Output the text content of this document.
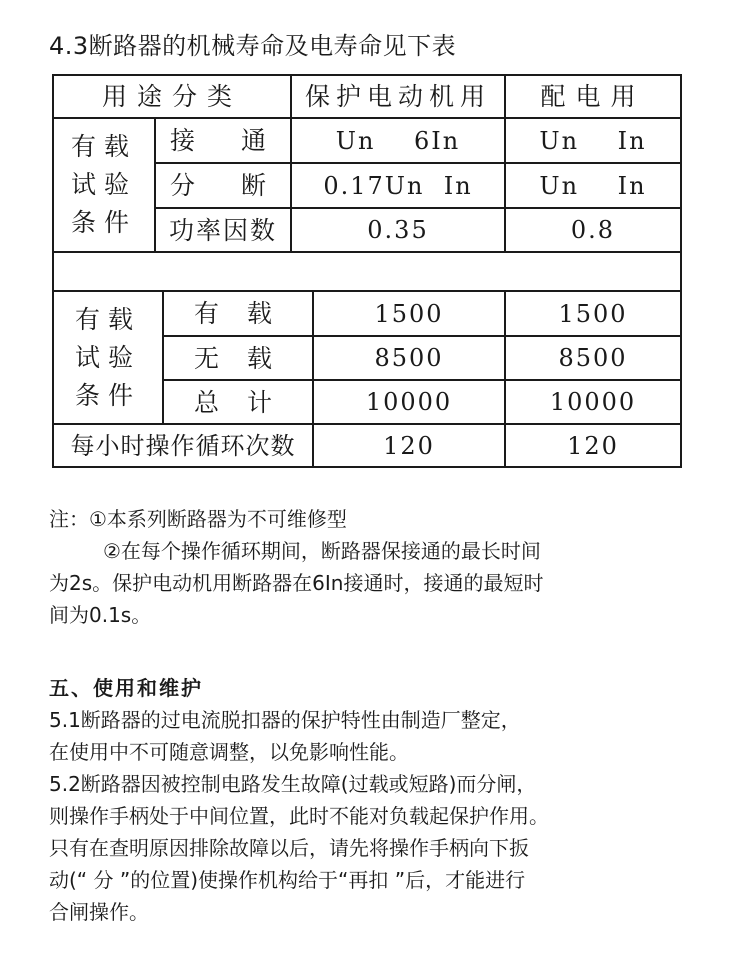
4.3断路器的机械寿命及电寿命见下表
用途分类	保护电动机用	配电用
有载
试验
条件
接  通	Un    6In	Un    In
分  断	0.17Un  In	Un    In
功率因数	0.35	0.8
有载
试验
条件
有 载	1500	1500
无 载	8500	8500
总 计	10000	10000
每小时操作循环次数	120	120
注：①本系列断路器为不可维修型
②在每个操作循环期间，断路器保接通的最长时间
为2s。保护电动机用断路器在6In接通时，接通的最短时
间为0.1s。
五、使用和维护
5.1断路器的过电流脱扣器的保护特性由制造厂整定，
在使用中不可随意调整，以免影响性能。
5.2断路器因被控制电路发生故障(过载或短路)而分闸，
则操作手柄处于中间位置，此时不能对负载起保护作用。
只有在查明原因排除故障以后，请先将操作手柄向下扳
动(“ 分 ”的位置)使操作机构给于“再扣 ”后，才能进行
合闸操作。
